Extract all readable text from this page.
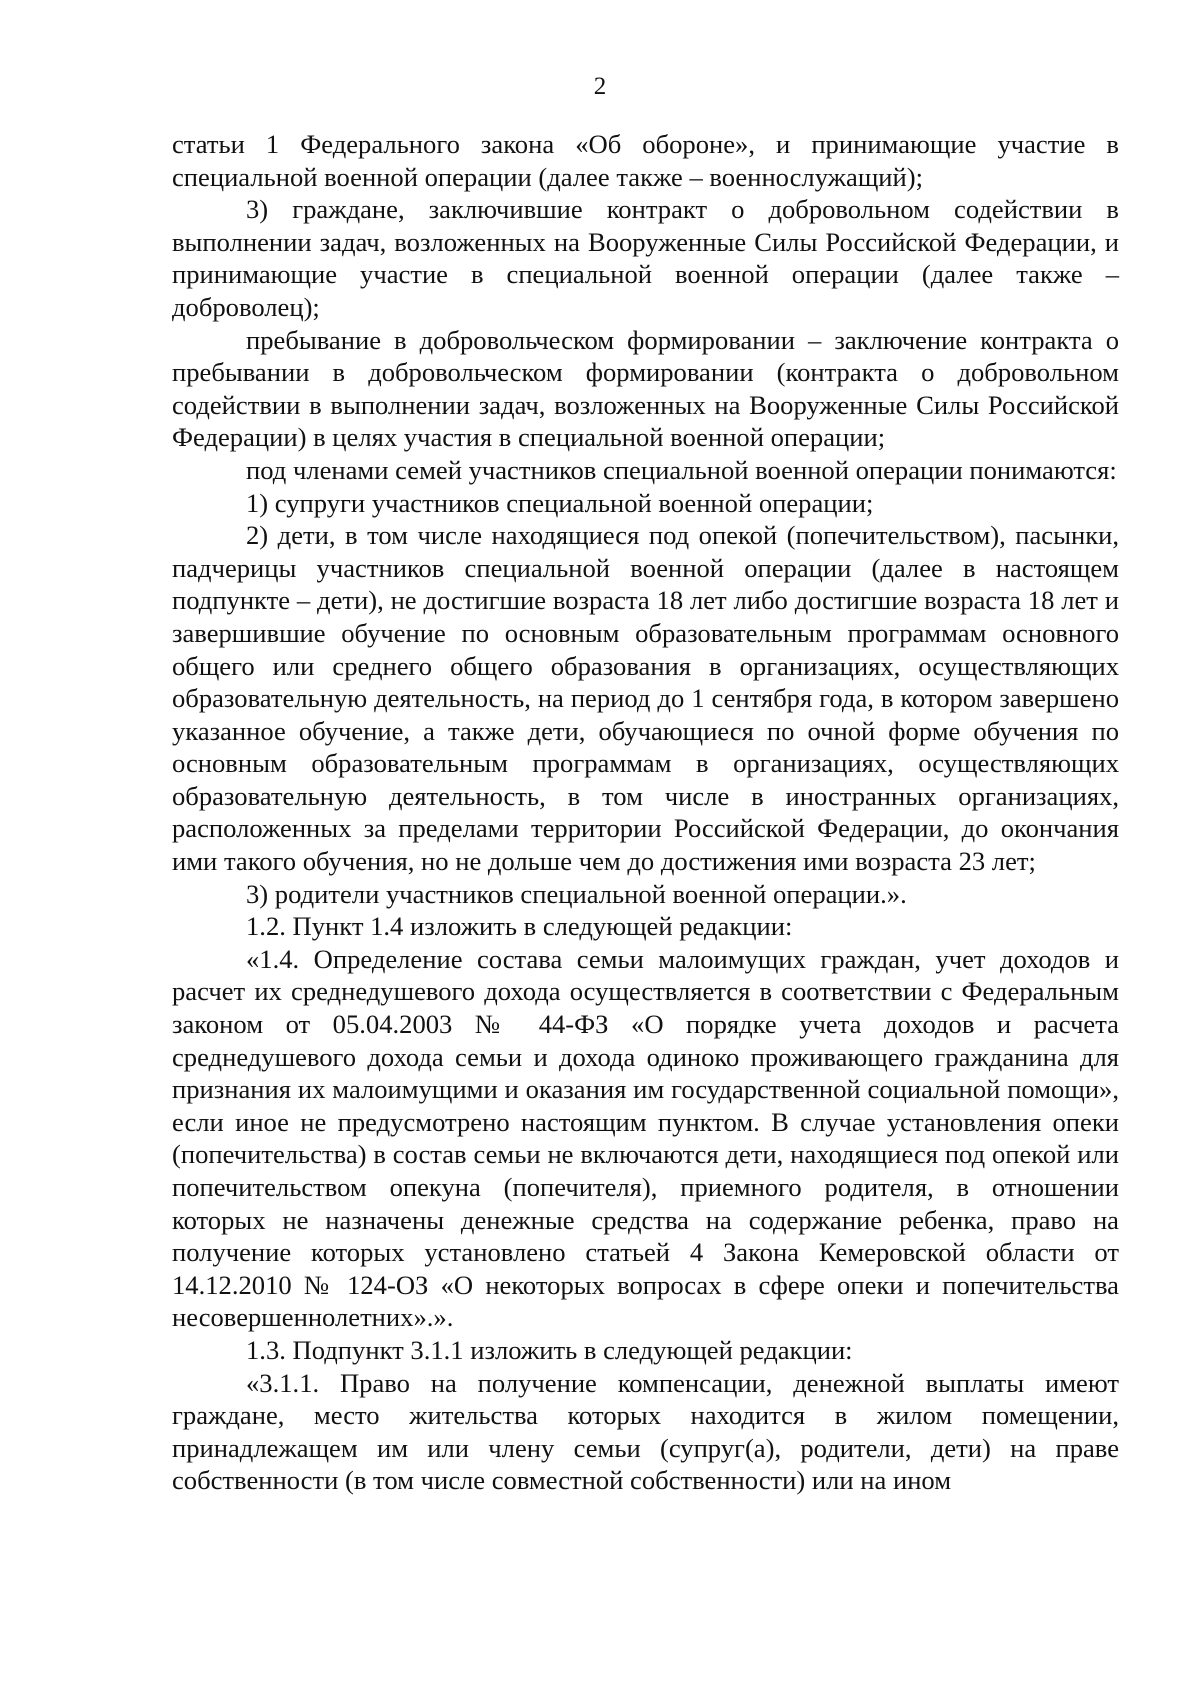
2

статьи 1 Федерального закона «Об обороне», и принимающие участие в специальной военной операции (далее также – военнослужащий);

3) граждане, заключившие контракт о добровольном содействии в выполнении задач, возложенных на Вооруженные Силы Российской Федерации, и принимающие участие в специальной военной операции (далее также – доброволец);

пребывание в добровольческом формировании – заключение контракта о пребывании в добровольческом формировании (контракта о добровольном содействии в выполнении задач, возложенных на Вооруженные Силы Российской Федерации) в целях участия в специальной военной операции;

под членами семей участников специальной военной операции понимаются:

1) супруги участников специальной военной операции;

2) дети, в том числе находящиеся под опекой (попечительством), пасынки, падчерицы участников специальной военной операции (далее в настоящем подпункте – дети), не достигшие возраста 18 лет либо достигшие возраста 18 лет и завершившие обучение по основным образовательным программам основного общего или среднего общего образования в организациях, осуществляющих образовательную деятельность, на период до 1 сентября года, в котором завершено указанное обучение, а также дети, обучающиеся по очной форме обучения по основным образовательным программам в организациях, осуществляющих образовательную деятельность, в том числе в иностранных организациях, расположенных за пределами территории Российской Федерации, до окончания ими такого обучения, но не дольше чем до достижения ими возраста 23 лет;

3) родители участников специальной военной операции.».

1.2. Пункт 1.4 изложить в следующей редакции:

«1.4. Определение состава семьи малоимущих граждан, учет доходов и расчет их среднедушевого дохода осуществляется в соответствии с Федеральным законом от 05.04.2003 № 44-ФЗ «О порядке учета доходов и расчета среднедушевого дохода семьи и дохода одиноко проживающего гражданина для признания их малоимущими и оказания им государственной социальной помощи», если иное не предусмотрено настоящим пунктом. В случае установления опеки (попечительства) в состав семьи не включаются дети, находящиеся под опекой или попечительством опекуна (попечителя), приемного родителя, в отношении которых не назначены денежные средства на содержание ребенка, право на получение которых установлено статьей 4 Закона Кемеровской области от 14.12.2010 № 124-ОЗ «О некоторых вопросах в сфере опеки и попечительства несовершеннолетних».».

1.3. Подпункт 3.1.1 изложить в следующей редакции:

«3.1.1. Право на получение компенсации, денежной выплаты имеют граждане, место жительства которых находится в жилом помещении, принадлежащем им или члену семьи (супруг(а), родители, дети) на праве собственности (в том числе совместной собственности) или на ином
